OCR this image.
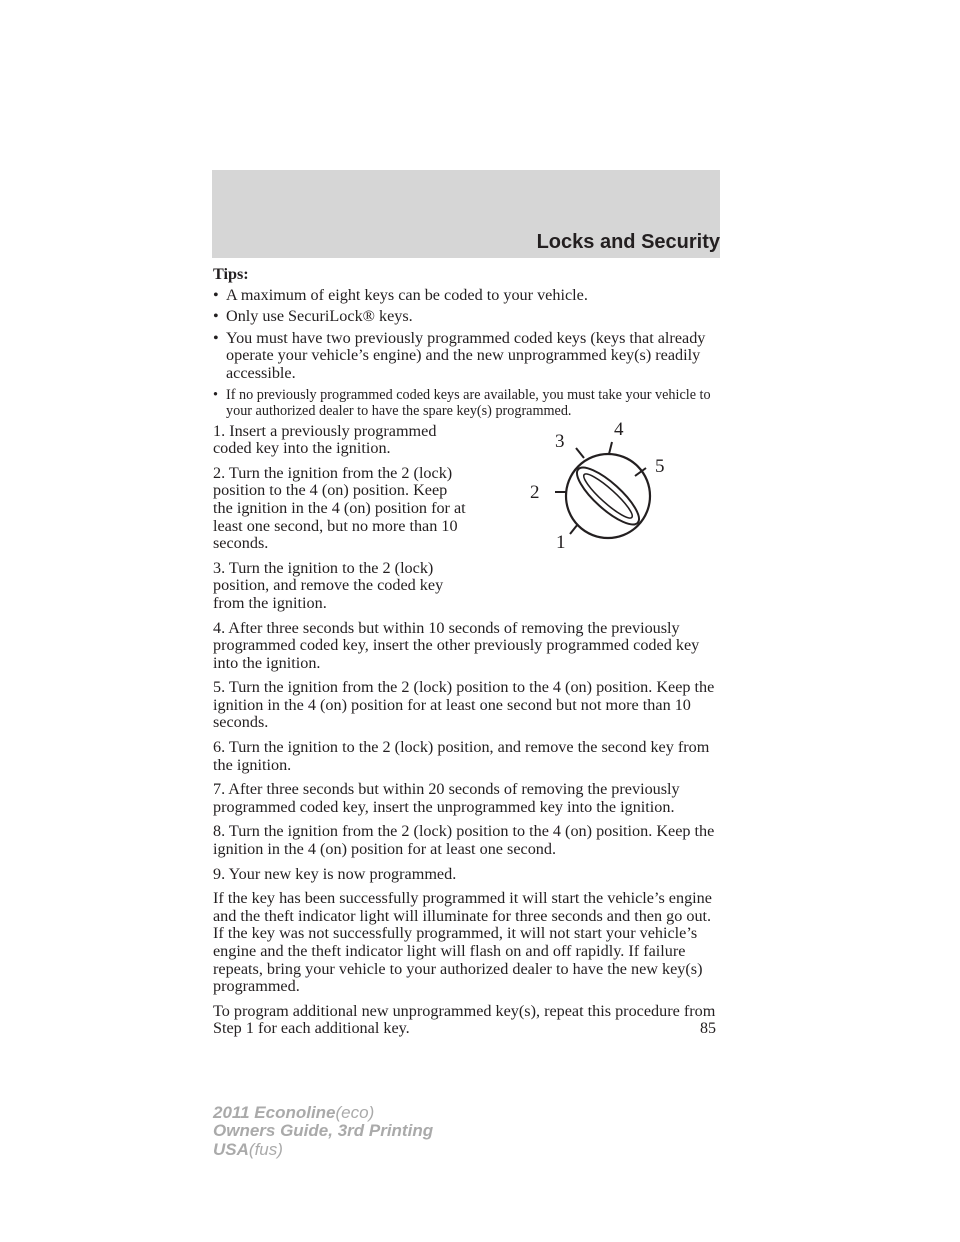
Locks and Security
Tips:
• A maximum of eight keys can be coded to your vehicle.
• Only use SecuriLock® keys.
• You must have two previously programmed coded keys (keys that already operate your vehicle’s engine) and the new unprogrammed key(s) readily accessible.
• If no previously programmed coded keys are available, you must take your vehicle to your authorized dealer to have the spare key(s) programmed.

1. Insert a previously programmed coded key into the ignition.

2. Turn the ignition from the 2 (lock) position to the 4 (on) position. Keep the ignition in the 4 (on) position for at least one second, but no more than 10 seconds.

3. Turn the ignition to the 2 (lock) position, and remove the coded key from the ignition.

4. After three seconds but within 10 seconds of removing the previously programmed coded key, insert the other previously programmed coded key into the ignition.

5. Turn the ignition from the 2 (lock) position to the 4 (on) position. Keep the ignition in the 4 (on) position for at least one second but not more than 10 seconds.

6. Turn the ignition to the 2 (lock) position, and remove the second key from the ignition.

7. After three seconds but within 20 seconds of removing the previously programmed coded key, insert the unprogrammed key into the ignition.

8. Turn the ignition from the 2 (lock) position to the 4 (on) position. Keep the ignition in the 4 (on) position for at least one second.

9. Your new key is now programmed.

If the key has been successfully programmed it will start the vehicle’s engine and the theft indicator light will illuminate for three seconds and then go out. If the key was not successfully programmed, it will not start your vehicle’s engine and the theft indicator light will flash on and off rapidly. If failure repeats, bring your vehicle to your authorized dealer to have the new key(s) programmed.

To program additional new unprogrammed key(s), repeat this procedure from Step 1 for each additional key.

1
2
3
4
5
85
2011 Econoline(eco)
Owners Guide, 3rd Printing
USA(fus)
